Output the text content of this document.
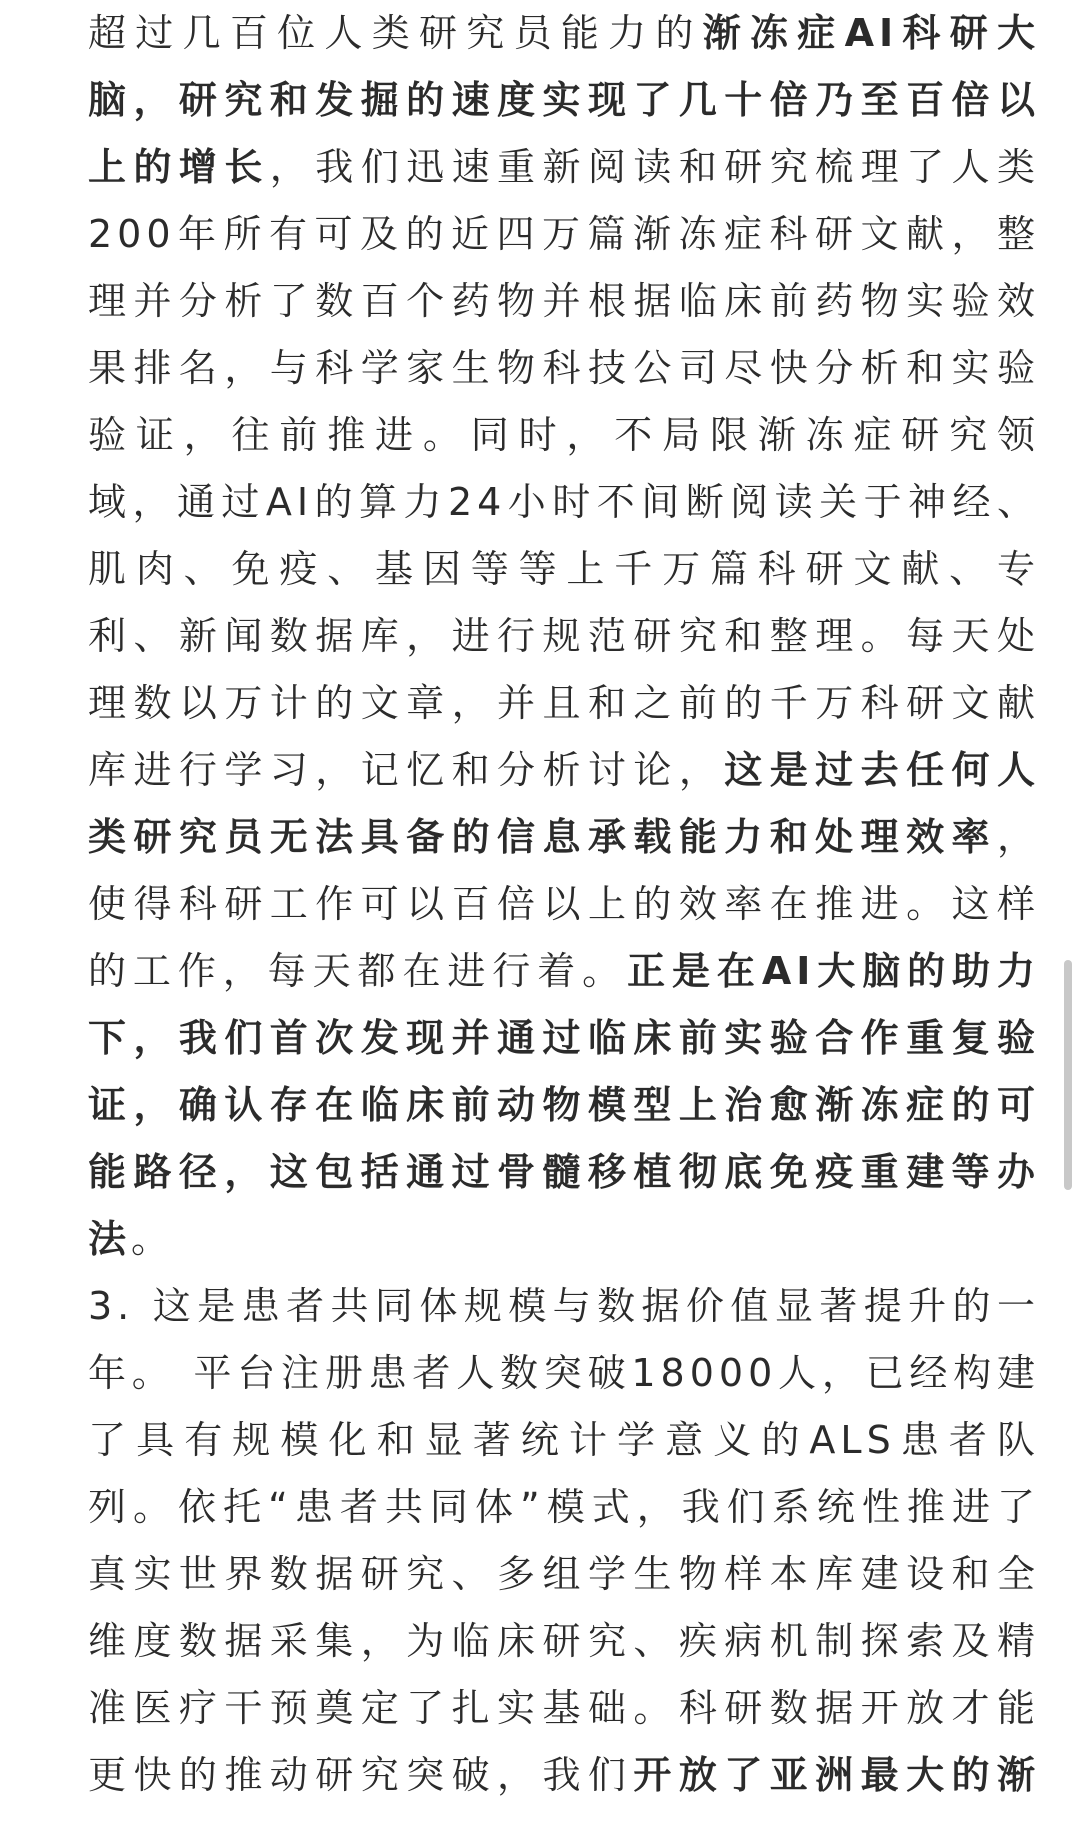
超过几百位人类研究员能力的渐冻症AI科研大
脑，研究和发掘的速度实现了几十倍乃至百倍以
上的增长，我们迅速重新阅读和研究梳理了人类
200年所有可及的近四万篇渐冻症科研文献，整
理并分析了数百个药物并根据临床前药物实验效
果排名，与科学家生物科技公司尽快分析和实验
验证，往前推进。同时，不局限渐冻症研究领
域，通过AI的算力24小时不间断阅读关于神经、
肌肉、免疫、基因等等上千万篇科研文献、专
利、新闻数据库，进行规范研究和整理。每天处
理数以万计的文章，并且和之前的千万科研文献
库进行学习，记忆和分析讨论，这是过去任何人
类研究员无法具备的信息承载能力和处理效率，
使得科研工作可以百倍以上的效率在推进。这样
的工作，每天都在进行着。正是在AI大脑的助力
下，我们首次发现并通过临床前实验合作重复验
证，确认存在临床前动物模型上治愈渐冻症的可
能路径，这包括通过骨髓移植彻底免疫重建等办
法。
3. 这是患者共同体规模与数据价值显著提升的一
年。 平台注册患者人数突破18000人，已经构建
了具有规模化和显著统计学意义的ALS患者队
列。依托“患者共同体”模式，我们系统性推进了
真实世界数据研究、多组学生物样本库建设和全
维度数据采集，为临床研究、疾病机制探索及精
准医疗干预奠定了扎实基础。科研数据开放才能
更快的推动研究突破，我们开放了亚洲最大的渐
